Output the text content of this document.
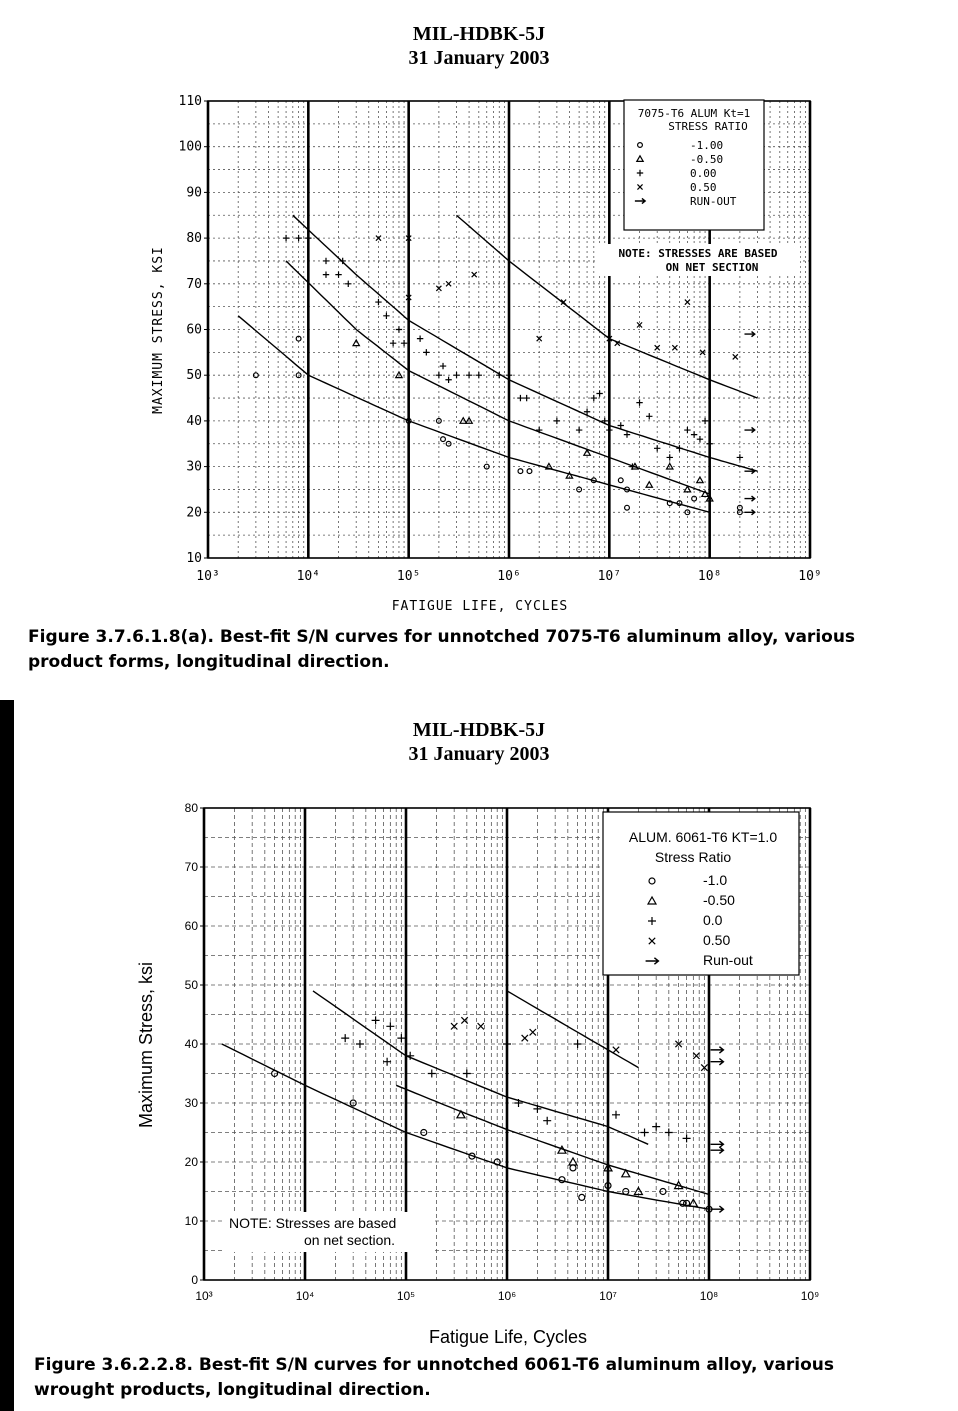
MIL-HDBK-5J
31 January 2003
10
20
30
40
50
60
70
80
90
100
110
10³	10⁴	10⁵	10⁶	10⁷	10⁸	10⁹
FATIGUE LIFE, CYCLES
MAXIMUM STRESS, KSI
7075-T6 ALUM Kt=1
STRESS RATIO
-1.00
-0.50
0.00
0.50
RUN-OUT
NOTE: STRESSES ARE BASED
ON NET SECTION
Figure 3.7.6.1.8(a). Best-fit S/N curves for unnotched 7075-T6 aluminum alloy, various
product forms, longitudinal direction.
MIL-HDBK-5J
31 January 2003
0
10
20
30
40
50
60
70
80
10³	10⁴	10⁵	10⁶	10⁷	10⁸	10⁹
Fatigue Life, Cycles
Maximum Stress, ksi
ALUM. 6061-T6 KT=1.0
Stress Ratio
-1.0
-0.50
0.0
0.50
Run-out
NOTE: Stresses are based
on net section.
Figure 3.6.2.2.8. Best-fit S/N curves for unnotched 6061-T6 aluminum alloy, various
wrought products, longitudinal direction.
